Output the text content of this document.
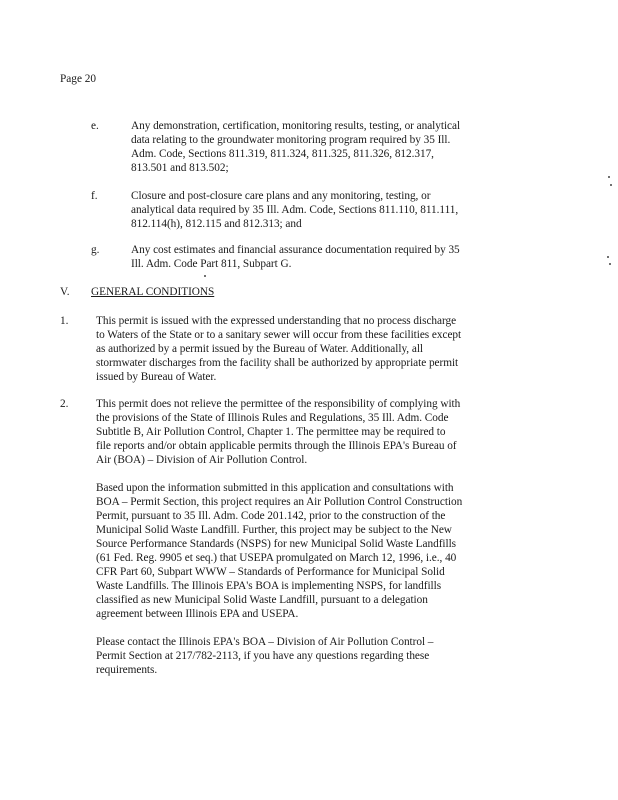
Page 20
e.	Any demonstration, certification, monitoring results, testing, or analytical
data relating to the groundwater monitoring program required by 35 Ill.
Adm. Code, Sections 811.319, 811.324, 811.325, 811.326, 812.317,
813.501 and 813.502;
f.	Closure and post-closure care plans and any monitoring, testing, or
analytical data required by 35 Ill. Adm. Code, Sections 811.110, 811.111,
812.114(h), 812.115 and 812.313; and
g.	Any cost estimates and financial assurance documentation required by 35
Ill. Adm. Code Part 811, Subpart G.
V. GENERAL CONDITIONS
1. This permit is issued with the expressed understanding that no process discharge
to Waters of the State or to a sanitary sewer will occur from these facilities except
as authorized by a permit issued by the Bureau of Water. Additionally, all
stormwater discharges from the facility shall be authorized by appropriate permit
issued by Bureau of Water.
2. This permit does not relieve the permittee of the responsibility of complying with
the provisions of the State of Illinois Rules and Regulations, 35 Ill. Adm. Code
Subtitle B, Air Pollution Control, Chapter 1. The permittee may be required to
file reports and/or obtain applicable permits through the Illinois EPA's Bureau of
Air (BOA) – Division of Air Pollution Control.
Based upon the information submitted in this application and consultations with
BOA – Permit Section, this project requires an Air Pollution Control Construction
Permit, pursuant to 35 Ill. Adm. Code 201.142, prior to the construction of the
Municipal Solid Waste Landfill. Further, this project may be subject to the New
Source Performance Standards (NSPS) for new Municipal Solid Waste Landfills
(61 Fed. Reg. 9905 et seq.) that USEPA promulgated on March 12, 1996, i.e., 40
CFR Part 60, Subpart WWW – Standards of Performance for Municipal Solid
Waste Landfills. The Illinois EPA's BOA is implementing NSPS, for landfills
classified as new Municipal Solid Waste Landfill, pursuant to a delegation
agreement between Illinois EPA and USEPA.
Please contact the Illinois EPA's BOA – Division of Air Pollution Control –
Permit Section at 217/782-2113, if you have any questions regarding these
requirements.
